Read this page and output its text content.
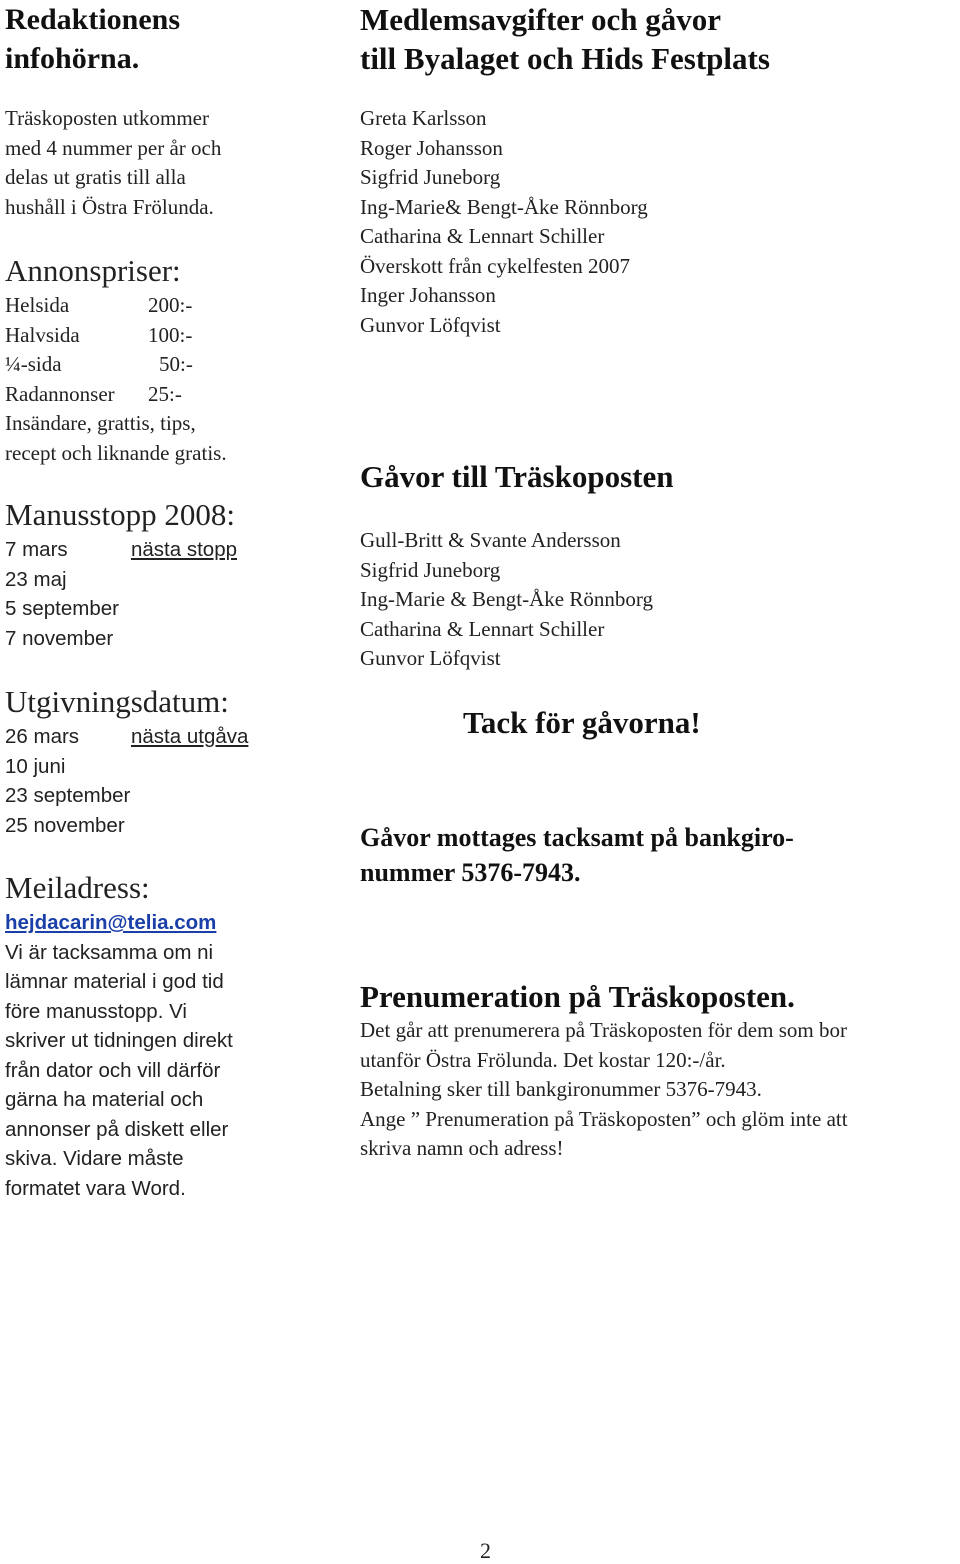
Redaktionens

infohörna.

Träskoposten utkommer

med 4 nummer per år och

delas ut gratis till alla

hushåll i Östra Frölunda.

Annonspriser:

Helsida	200:-
Halvsida	100:-
¼-sida	50:-
Radannonser 25:-

Insändare, grattis, tips,

recept och liknande gratis.

Manusstopp 2008:

7 mars	nästa stopp

23 maj

5 september

7 november

Utgivningsdatum:

26 mars	nästa utgåva

10 juni

23 september

25 november

Meiladress:

hejdacarin@telia.com

Vi är tacksamma om ni

lämnar material i god tid

före manusstopp. Vi

skriver ut tidningen direkt

från dator och vill därför

gärna ha material och

annonser på diskett eller

skiva. Vidare måste

formatet vara Word.

Medlemsavgifter och gåvor

till Byalaget och Hids Festplats

Greta Karlsson

Roger Johansson

Sigfrid Juneborg

Ing-Marie& Bengt-Åke Rönnborg

Catharina & Lennart Schiller

Överskott från cykelfesten 2007

Inger Johansson

Gunvor Löfqvist

Gåvor till Träskoposten

Gull-Britt & Svante Andersson

Sigfrid Juneborg

Ing-Marie & Bengt-Åke Rönnborg

Catharina & Lennart Schiller

Gunvor Löfqvist

Tack för gåvorna!

Gåvor mottages tacksamt på bankgiro-

nummer 5376-7943.

Prenumeration på Träskoposten.

Det går att prenumerera på Träskoposten för dem som bor

utanför Östra Frölunda. Det kostar 120:-/år.

Betalning sker till bankgironummer 5376-7943.

Ange ” Prenumeration på Träskoposten” och glöm inte att

skriva namn och adress!

2
